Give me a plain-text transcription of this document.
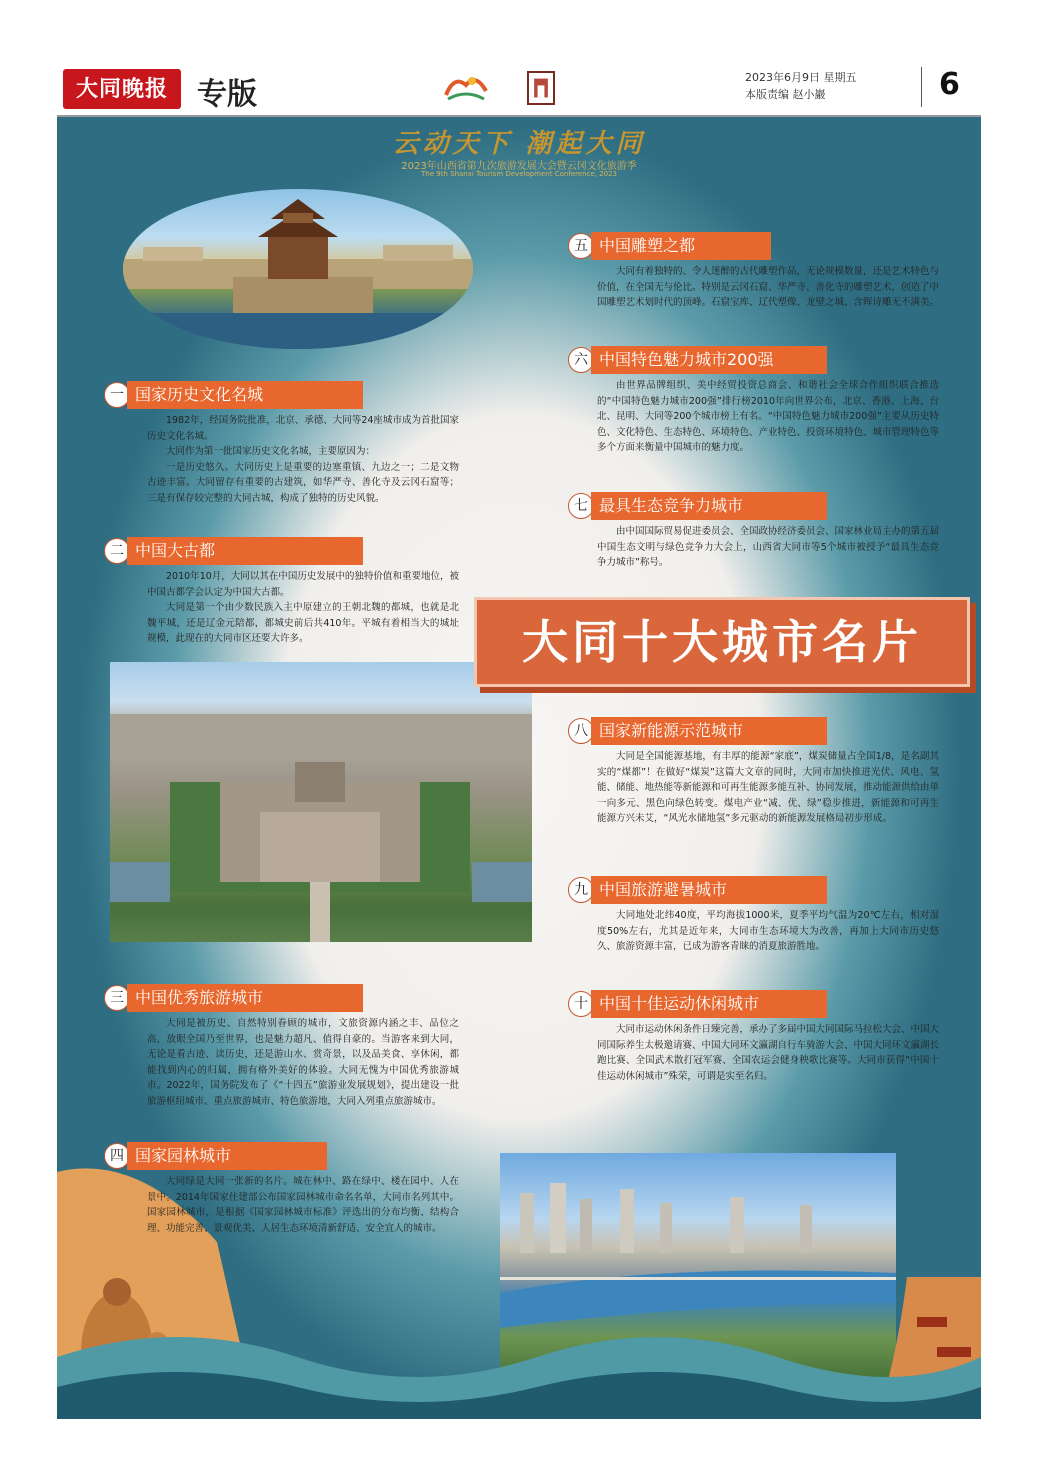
大同晚报 专版	2023年6月9日 星期五
本版责编 赵小巖	6
云动天下 潮起大同
2023年山西省第九次旅游发展大会暨云冈文化旅游季
The 9th Shanxi Tourism Development Conference, 2023
大同十大城市名片
一 国家历史文化名城

1982年，经国务院批准，北京、承德、大同等24座城市成为首批国家历史文化名城。

大同作为第一批国家历史文化名城，主要原因为：

一是历史悠久。大同历史上是重要的边塞重镇、九边之一；二是文物古迹丰富。大同留存有重要的古建筑，如华严寺、善化寺及云冈石窟等；三是有保存较完整的大同古城，构成了独特的历史风貌。

二 中国大古都

2010年10月，大同以其在中国历史发展中的独特价值和重要地位，被中国古都学会认定为中国大古都。

大同是第一个由少数民族入主中原建立的王朝北魏的都城，也就是北魏平城，还是辽金元陪都，都城史前后共410年。平城有着相当大的城址规模，此现在的大同市区还要大许多。

三 中国优秀旅游城市

大同是被历史、自然特别眷顾的城市，文旅资源内涵之丰、品位之高，放眼全国乃至世界，也是魅力超凡、值得自豪的。当游客来到大同，无论是看古迹、读历史，还是游山水、赏奇景，以及品美食、享休闲，都能找到内心的归属，拥有格外美好的体验。大同无愧为中国优秀旅游城市。2022年，国务院发布了《“十四五”旅游业发展规划》，提出建设一批旅游枢纽城市、重点旅游城市、特色旅游地，大同入列重点旅游城市。

四 国家园林城市

大同绿是大同一张新的名片。城在林中、路在绿中、楼在园中、人在景中。2014年国家住建部公布国家园林城市命名名单，大同市名列其中。国家园林城市，是根据《国家园林城市标准》评选出的分布均衡、结构合理、功能完善、景观优美、人居生态环境清新舒适、安全宜人的城市。

五 中国雕塑之都

大同有着独特的、令人迷醉的古代雕塑作品，无论规模数量，还是艺术特色与价值，在全国无与伦比。特别是云冈石窟、华严寺、善化寺的雕塑艺术，创造了中国雕塑艺术划时代的顶峰。石窟宝库、辽代塑像、龙壁之城、含晖诗雕无不满美。

六 中国特色魅力城市200强

由世界品牌组织、美中经贸投资总商会、和谐社会全球合作组织联合推选的“中国特色魅力城市200强”排行榜2010年向世界公布，北京、香港、上海、台北、昆明、大同等200个城市榜上有名。“中国特色魅力城市200强”主要从历史特色、文化特色、生态特色、环境特色、产业特色、投资环境特色、城市管理特色等多个方面来衡量中国城市的魅力度。

七 最具生态竞争力城市

由中国国际贸易促进委员会、全国政协经济委员会、国家林业局主办的第五届中国生态文明与绿色竞争力大会上，山西省大同市等5个城市被授予“最具生态竞争力城市”称号。

八 国家新能源示范城市

大同是全国能源基地，有丰厚的能源“家底”，煤炭储量占全国1/8，是名副其实的“煤都”！在做好“煤炭”这篇大文章的同时，大同市加快推进光伏、风电、氢能、储能、地热能等新能源和可再生能源多能互补、协同发展，推动能源供给由单一向多元、黑色向绿色转变。煤电产业“减、优、绿”稳步推进，新能源和可再生能源方兴未艾，“风光水储地氢”多元驱动的新能源发展格局初步形成。

九 中国旅游避暑城市

大同地处北纬40度，平均海拔1000米，夏季平均气温为20℃左右，相对湿度50%左右，尤其是近年来，大同市生态环境大为改善，再加上大同市历史悠久、旅游资源丰富，已成为游客青睐的消夏旅游胜地。

十 中国十佳运动休闲城市

大同市运动休闲条件日臻完善，承办了多届中国大同国际马拉松大会、中国大同国际养生太极邀请赛、中国大同环文瀛湖自行车骑游大会、中国大同环文瀛湖长跑比赛、全国武术散打冠军赛、全国农运会健身秧歌比赛等。大同市获得“中国十佳运动休闲城市”殊荣，可谓是实至名归。
